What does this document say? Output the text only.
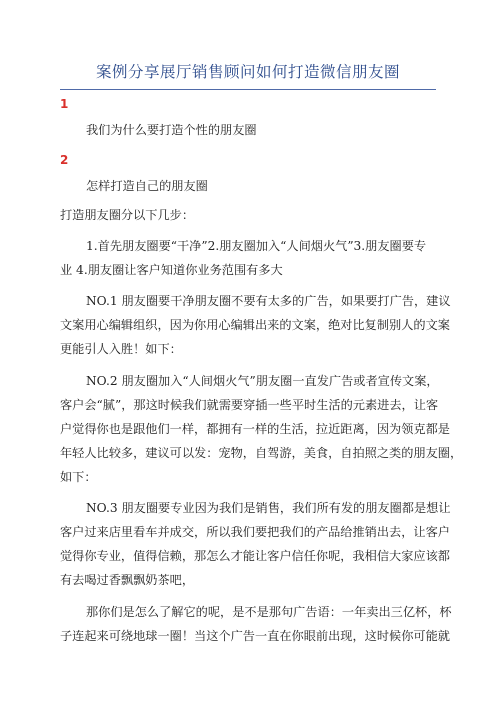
案例分享展厅销售顾问如何打造微信朋友圈
1
我们为什么要打造个性的朋友圈
2
怎样打造自己的朋友圈
打造朋友圈分以下几步：
1.首先朋友圈要“干净”2.朋友圈加入“人间烟火气”3.朋友圈要专
业 4.朋友圈让客户知道你业务范围有多大
NO.1 朋友圈要干净朋友圈不要有太多的广告，如果要打广告，建议
文案用心编辑组织，因为你用心编辑出来的文案，绝对比复制别人的文案
更能引人入胜！如下：
NO.2 朋友圈加入“人间烟火气”朋友圈一直发广告或者宣传文案，
客户会“腻”，那这时候我们就需要穿插一些平时生活的元素进去，让客
户觉得你也是跟他们一样，都拥有一样的生活，拉近距离，因为领克都是
年轻人比较多，建议可以发：宠物，自驾游，美食，自拍照之类的朋友圈，
如下：
NO.3 朋友圈要专业因为我们是销售，我们所有发的朋友圈都是想让
客户过来店里看车并成交，所以我们要把我们的产品给推销出去，让客户
觉得你专业，值得信赖，那怎么才能让客户信任你呢，我相信大家应该都
有去喝过香飘飘奶茶吧，
那你们是怎么了解它的呢，是不是那句广告语：一年卖出三亿杯，杯
子连起来可绕地球一圈！当这个广告一直在你眼前出现，这时候你可能就
